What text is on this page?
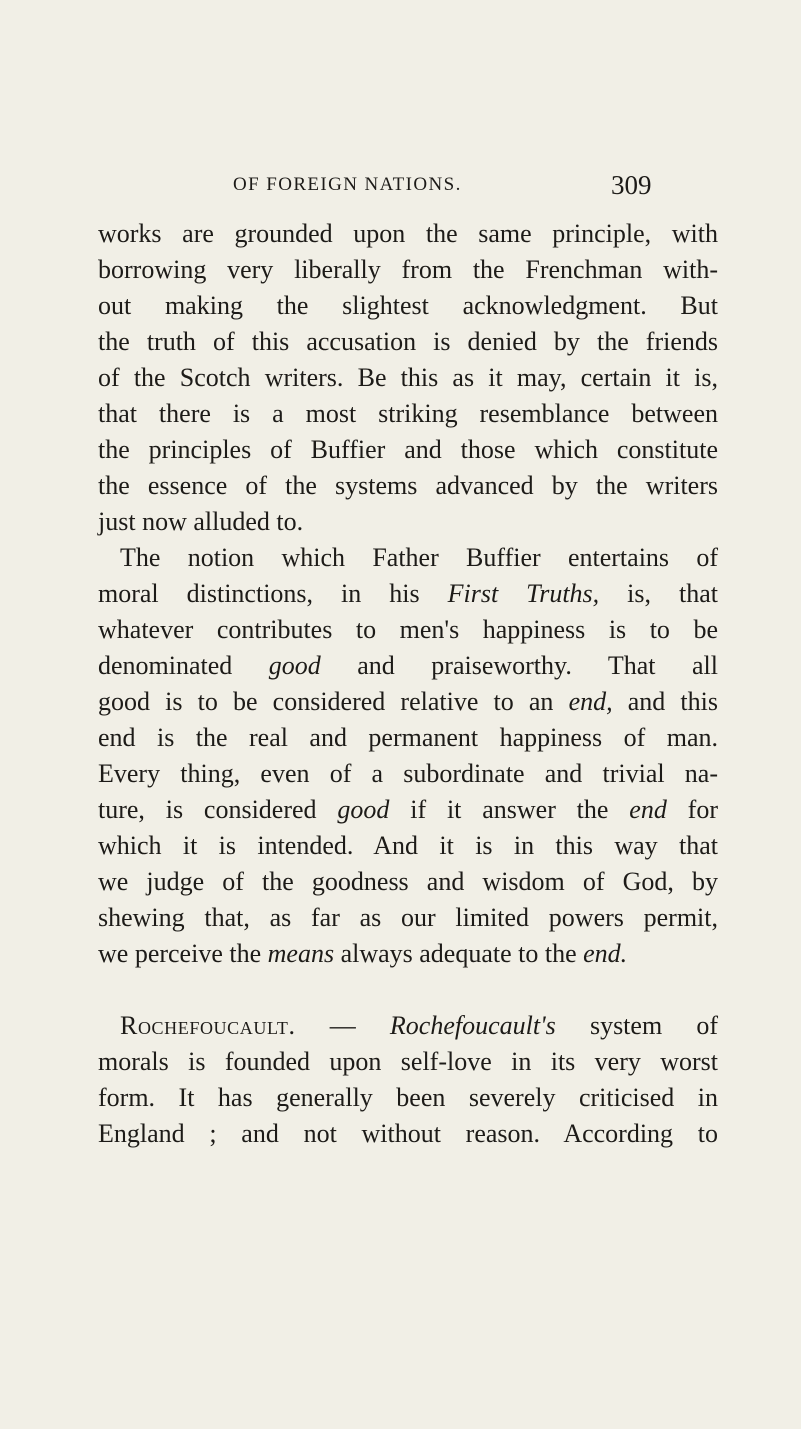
OF FOREIGN NATIONS.	309
works are grounded upon the same principle, with
borrowing very liberally from the Frenchman with-
out making the slightest acknowledgment. But
the truth of this accusation is denied by the friends
of the Scotch writers. Be this as it may, certain it is,
that there is a most striking resemblance between
the principles of Buffier and those which constitute
the essence of the systems advanced by the writers
just now alluded to.
The notion which Father Buffier entertains of
moral distinctions, in his First Truths, is, that
whatever contributes to men's happiness is to be
denominated good and praiseworthy. That all
good is to be considered relative to an end, and this
end is the real and permanent happiness of man.
Every thing, even of a subordinate and trivial na-
ture, is considered good if it answer the end for
which it is intended. And it is in this way that
we judge of the goodness and wisdom of God, by
shewing that, as far as our limited powers permit,
we perceive the means always adequate to the end.
Rochefoucault. — Rochefoucault's system of
morals is founded upon self-love in its very worst
form. It has generally been severely criticised in
England ; and not without reason. According to
